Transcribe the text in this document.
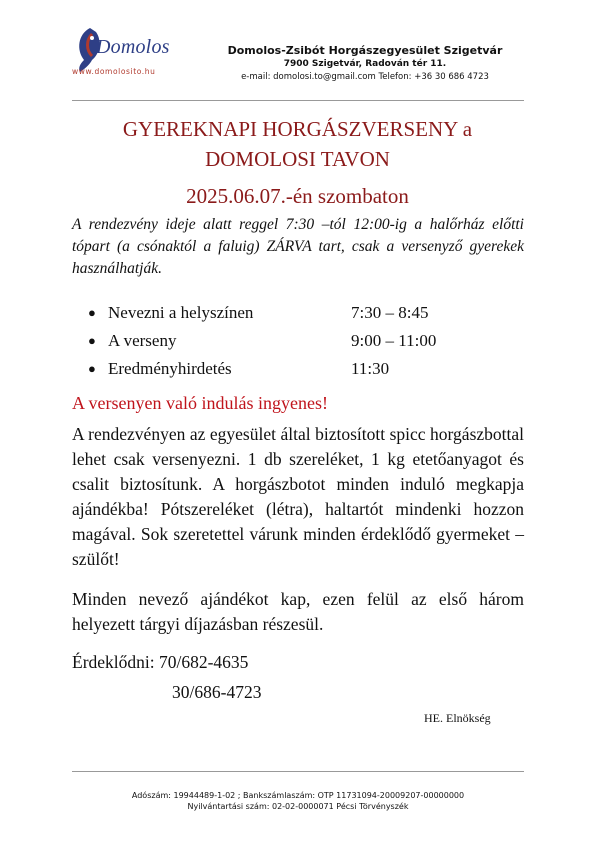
Domolos
www.domolosito.hu
Domolos-Zsibót Horgászegyesület Szigetvár
7900 Szigetvár, Radován tér 11.
e-mail: domolosi.to@gmail.com Telefon: +36 30 686 4723
GYEREKNAPI HORGÁSZVERSENY a
DOMOLOSI TAVON
2025.06.07.-én szombaton
A rendezvény ideje alatt reggel 7:30 –tól 12:00-ig a halőrház előtti tópart (a csónaktól a faluig) ZÁRVA tart, csak a versenyző gyerekek használhatják.
● Nevezni a helyszínen	7:30 – 8:45
● A verseny	9:00 – 11:00
● Eredményhirdetés	11:30
A versenyen való indulás ingyenes!
A rendezvényen az egyesület által biztosított spicc horgászbottal lehet csak versenyezni. 1 db szereléket, 1 kg etetőanyagot és csalit biztosítunk. A horgászbotot minden induló megkapja ajándékba! Pótszereléket (létra), haltartót mindenki hozzon magával. Sok szeretettel várunk minden érdeklődő gyermeket – szülőt!
Minden nevező ajándékot kap, ezen felül az első három helyezett tárgyi díjazásban részesül.
Érdeklődni: 70/682-4635
30/686-4723
HE. Elnökség
Adószám: 19944489-1-02 ; Bankszámlaszám: OTP 11731094-20009207-00000000
Nyilvántartási szám: 02-02-0000071 Pécsi Törvényszék
